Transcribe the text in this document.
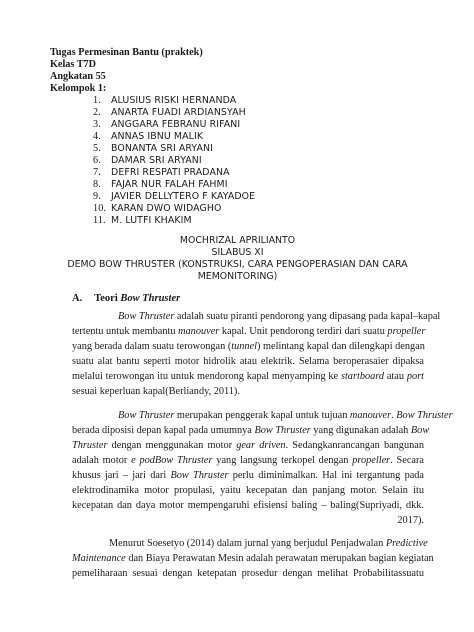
Tugas Permesinan Bantu (praktek)
Kelas T7D
Angkatan 55
Kelompok 1:
1. ALUSIUS RISKI HERNANDA
2. ANARTA FUADI ARDIANSYAH
3. ANGGARA FEBRANU RIFANI
4. ANNAS IBNU MALIK
5. BONANTA SRI ARYANI
6. DAMAR SRI ARYANI
7. DEFRI RESPATI PRADANA
8. FAJAR NUR FALAH FAHMI
9. JAVIER DELLYTERO F KAYADOE
10. KARAN DWO WIDAGHO
11. M. LUTFI KHAKIM
MOCHRIZAL APRILIANTO
SILABUS XI
DEMO BOW THRUSTER (KONSTRUKSI, CARA PENGOPERASIAN DAN CARA
MEMONITORING)
A. Teori Bow Thruster
Bow Thruster adalah suatu piranti pendorong yang dipasang pada kapal–kapal
tertentu untuk membantu manouver kapal. Unit pendorong terdiri dari suatu propeller
yang berada dalam suatu terowongan (tunnel) melintang kapal dan dilengkapi dengan
suatu alat bantu seperti motor hidrolik atau elektrik. Selama beroperasaier dipaksa
melalui terowongan itu untuk mendorong kapal menyamping ke startboard atau port
sesuai keperluan kapal(Berliandy, 2011).
Bow Thruster merupakan penggerak kapal untuk tujuan manouver. Bow Thruster
berada diposisi depan kapal pada umumnya Bow Thruster yang digunakan adalah Bow
Thruster dengan menggunakan motor gear driven. Sedangkanrancangan bangunan
adalah motor e podBow Thruster yang langsung terkopel dengan propeller. Secara
khusus jari – jari dari Bow Thruster perlu diminimalkan. Hal ini tergantung pada
elektrodinamika motor propulasi, yaitu kecepatan dan panjang motor. Selain itu
kecepatan dan daya motor mempengaruhi efisiensi baling – baling(Supriyadi, dkk.
2017).
Menurut Soesetyo (2014) dalam jurnal yang berjudul Penjadwalan Predictive
Maintenance dan Biaya Perawatan Mesin adalah perawatan merupakan bagian kegiatan
pemeliharaan sesuai dengan ketepatan prosedur dengan melihat Probabilitassuatu
